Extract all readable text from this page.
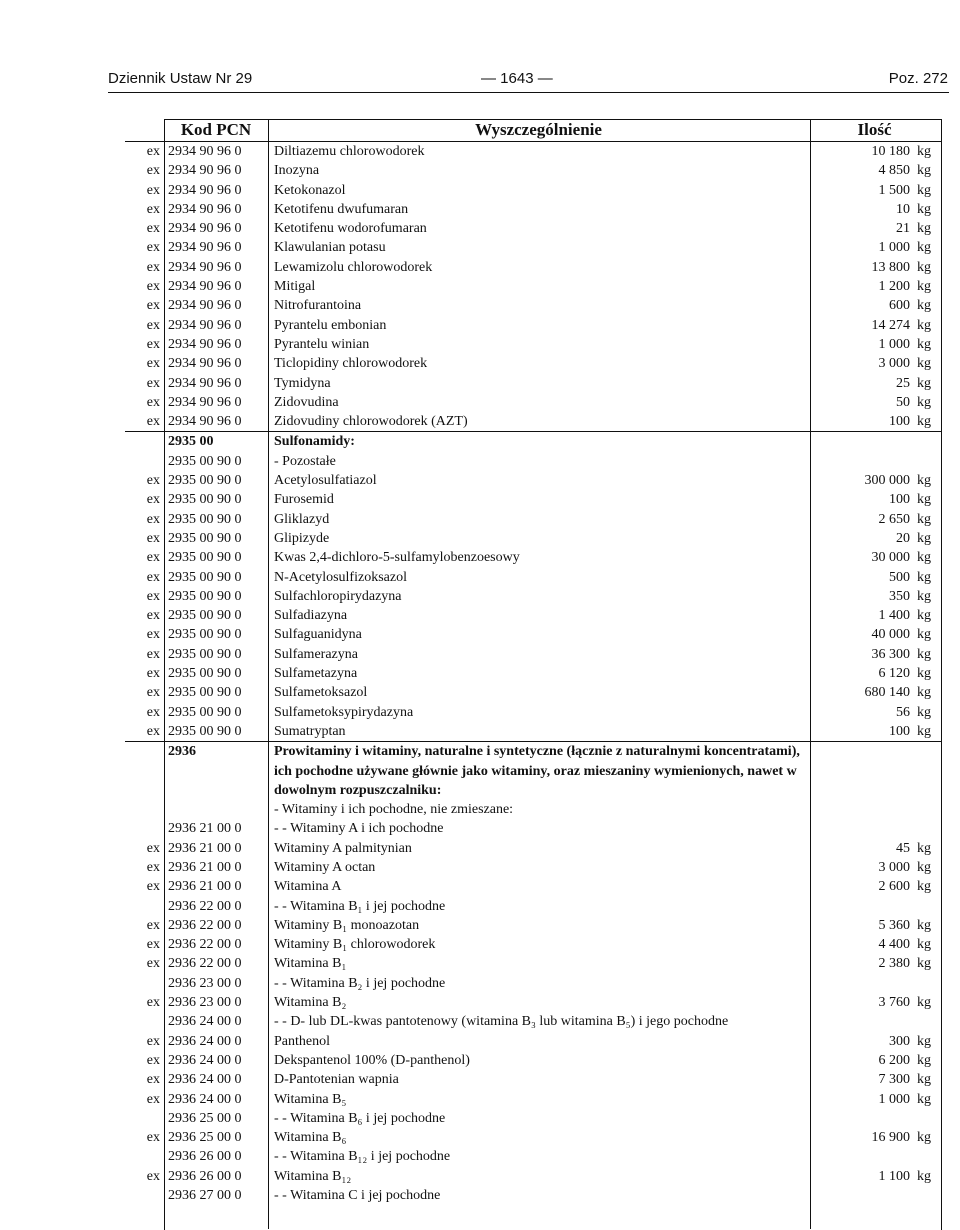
Dziennik Ustaw Nr 29	— 1643 —	Poz. 272
Kod PCN	Wyszczególnienie	Ilość
ex 2934 90 96 0	Diltiazemu chlorowodorek	10 180 kg
ex 2934 90 96 0	Inozyna	4 850 kg
ex 2934 90 96 0	Ketokonazol	1 500 kg
ex 2934 90 96 0	Ketotifenu dwufumaran	10 kg
ex 2934 90 96 0	Ketotifenu wodorofumaran	21 kg
ex 2934 90 96 0	Klawulanian potasu	1 000 kg
ex 2934 90 96 0	Lewamizolu chlorowodorek	13 800 kg
ex 2934 90 96 0	Mitigal	1 200 kg
ex 2934 90 96 0	Nitrofurantoina	600 kg
ex 2934 90 96 0	Pyrantelu embonian	14 274 kg
ex 2934 90 96 0	Pyrantelu winian	1 000 kg
ex 2934 90 96 0	Ticlopidiny chlorowodorek	3 000 kg
ex 2934 90 96 0	Tymidyna	25 kg
ex 2934 90 96 0	Zidovudina	50 kg
ex 2934 90 96 0	Zidovudiny chlorowodorek (AZT)	100 kg
2935 00	Sulfonamidy:
2935 00 90 0	- Pozostałe
ex 2935 00 90 0	Acetylosulfatiazol	300 000 kg
ex 2935 00 90 0	Furosemid	100 kg
ex 2935 00 90 0	Gliklazyd	2 650 kg
ex 2935 00 90 0	Glipizyde	20 kg
ex 2935 00 90 0	Kwas 2,4-dichloro-5-sulfamylobenzoesowy	30 000 kg
ex 2935 00 90 0	N-Acetylosulfizoksazol	500 kg
ex 2935 00 90 0	Sulfachloropirydazyna	350 kg
ex 2935 00 90 0	Sulfadiazyna	1 400 kg
ex 2935 00 90 0	Sulfaguanidyna	40 000 kg
ex 2935 00 90 0	Sulfamerazyna	36 300 kg
ex 2935 00 90 0	Sulfametazyna	6 120 kg
ex 2935 00 90 0	Sulfametoksazol	680 140 kg
ex 2935 00 90 0	Sulfametoksypirydazyna	56 kg
ex 2935 00 90 0	Sumatryptan	100 kg
2936	Prowitaminy i witaminy, naturalne i syntetyczne (łącznie z naturalnymi koncentratami), ich pochodne używane głównie jako witaminy, oraz mieszaniny wymienionych, nawet w dowolnym rozpuszczalniku:
- Witaminy i ich pochodne, nie zmieszane:
2936 21 00 0	- - Witaminy A i ich pochodne
ex 2936 21 00 0	Witaminy A palmitynian	45 kg
ex 2936 21 00 0	Witaminy A octan	3 000 kg
ex 2936 21 00 0	Witamina A	2 600 kg
2936 22 00 0	- - Witamina B₁ i jej pochodne
ex 2936 22 00 0	Witaminy B₁ monoazotan	5 360 kg
ex 2936 22 00 0	Witaminy B₁ chlorowodorek	4 400 kg
ex 2936 22 00 0	Witamina B₁	2 380 kg
2936 23 00 0	- - Witamina B₂ i jej pochodne
ex 2936 23 00 0	Witamina B₂	3 760 kg
2936 24 00 0	- - D- lub DL-kwas pantotenowy (witamina B₃ lub witamina B₅) i jego pochodne
ex 2936 24 00 0	Panthenol	300 kg
ex 2936 24 00 0	Dekspantenol 100% (D-panthenol)	6 200 kg
ex 2936 24 00 0	D-Pantotenian wapnia	7 300 kg
ex 2936 24 00 0	Witamina B₅	1 000 kg
2936 25 00 0	- - Witamina B₆ i jej pochodne
ex 2936 25 00 0	Witamina B₆	16 900 kg
2936 26 00 0	- - Witamina B₁₂ i jej pochodne
ex 2936 26 00 0	Witamina B₁₂	1 100 kg
2936 27 00 0	- - Witamina C i jej pochodne
